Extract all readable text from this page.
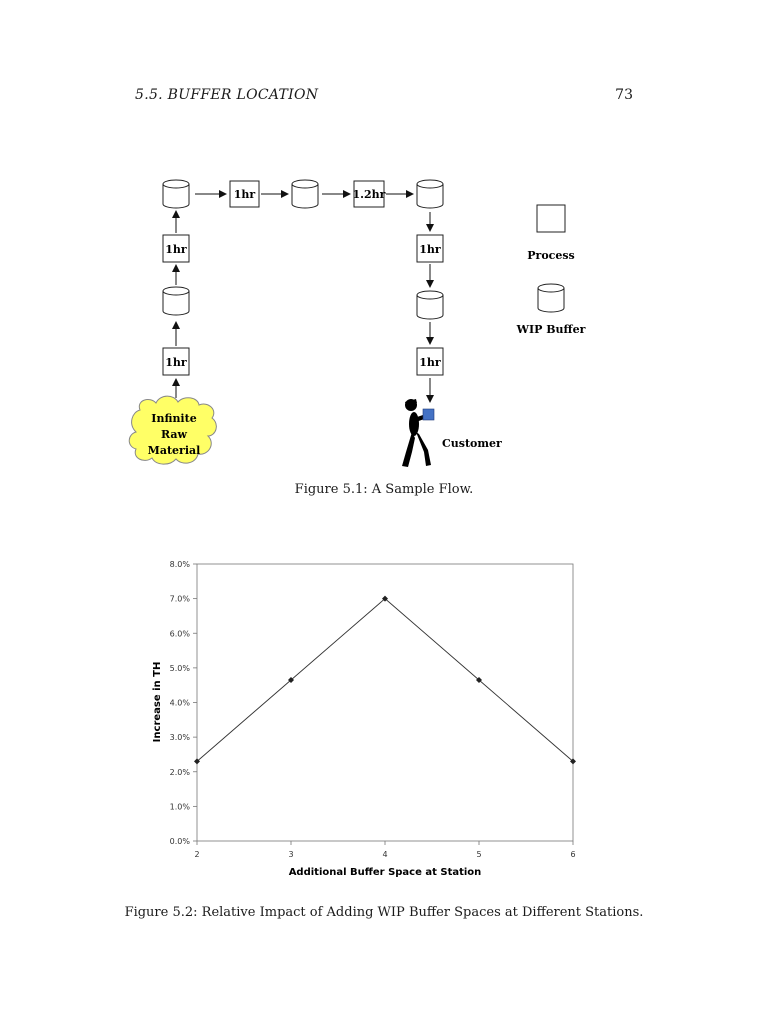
5.5. BUFFER LOCATION	73
1hr	1.2hr
1hr
1hr
1hr
1hr
Process
WIP Buffer
Infinite
Raw
Material
Customer
Figure 5.1: A Sample Flow.
0.0%
1.0%
2.0%
3.0%
4.0%
5.0%
6.0%
7.0%
8.0%
2	3	4	5	6
Additional Buffer Space at Station
Increase in TH
Figure 5.2: Relative Impact of Adding WIP Buffer Spaces at Different Stations.
